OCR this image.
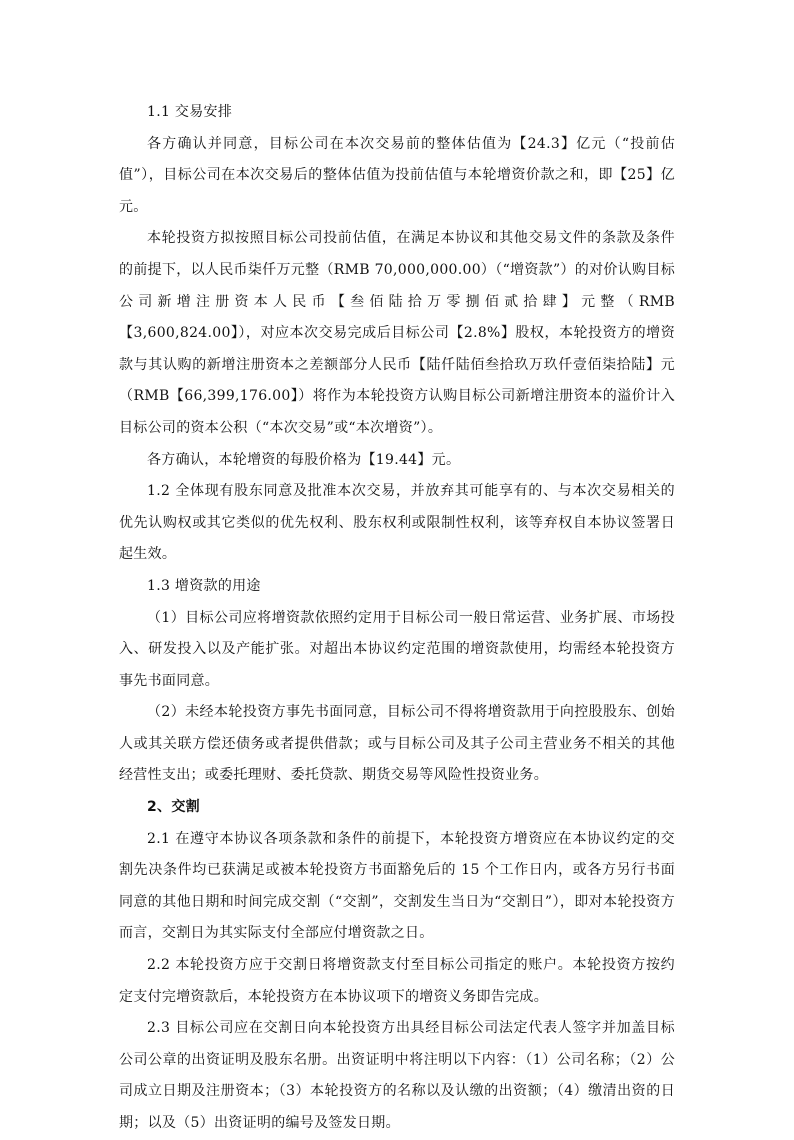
1.1 交易安排

各方确认并同意，目标公司在本次交易前的整体估值为【24.3】亿元（“投前估值”），目标公司在本次交易后的整体估值为投前估值与本轮增资价款之和，即【25】亿元。

本轮投资方拟按照目标公司投前估值，在满足本协议和其他交易文件的条款及条件的前提下，以人民币柒仟万元整（RMB 70,000,000.00）（“增资款”）的对价认购目标公司新增注册资本人民币【叁佰陆拾万零捌佰贰拾肆】元整（RMB【3,600,824.00】），对应本次交易完成后目标公司【2.8%】股权，本轮投资方的增资款与其认购的新增注册资本之差额部分人民币【陆仟陆佰叁拾玖万玖仟壹佰柒拾陆】元（RMB【66,399,176.00】）将作为本轮投资方认购目标公司新增注册资本的溢价计入目标公司的资本公积（“本次交易”或“本次增资”）。

各方确认，本轮增资的每股价格为【19.44】元。

1.2 全体现有股东同意及批准本次交易，并放弃其可能享有的、与本次交易相关的优先认购权或其它类似的优先权利、股东权利或限制性权利，该等弃权自本协议签署日起生效。

1.3 增资款的用途

（1）目标公司应将增资款依照约定用于目标公司一般日常运营、业务扩展、市场投入、研发投入以及产能扩张。对超出本协议约定范围的增资款使用，均需经本轮投资方事先书面同意。

（2）未经本轮投资方事先书面同意，目标公司不得将增资款用于向控股股东、创始人或其关联方偿还债务或者提供借款；或与目标公司及其子公司主营业务不相关的其他经营性支出；或委托理财、委托贷款、期货交易等风险性投资业务。

2、交割

2.1 在遵守本协议各项条款和条件的前提下，本轮投资方增资应在本协议约定的交割先决条件均已获满足或被本轮投资方书面豁免后的 15 个工作日内，或各方另行书面同意的其他日期和时间完成交割（“交割”，交割发生当日为“交割日”），即对本轮投资方而言，交割日为其实际支付全部应付增资款之日。

2.2 本轮投资方应于交割日将增资款支付至目标公司指定的账户。本轮投资方按约定支付完增资款后，本轮投资方在本协议项下的增资义务即告完成。

2.3 目标公司应在交割日向本轮投资方出具经目标公司法定代表人签字并加盖目标公司公章的出资证明及股东名册。出资证明中将注明以下内容：（1）公司名称；（2）公司成立日期及注册资本；（3）本轮投资方的名称以及认缴的出资额；（4）缴清出资的日期；以及（5）出资证明的编号及签发日期。
